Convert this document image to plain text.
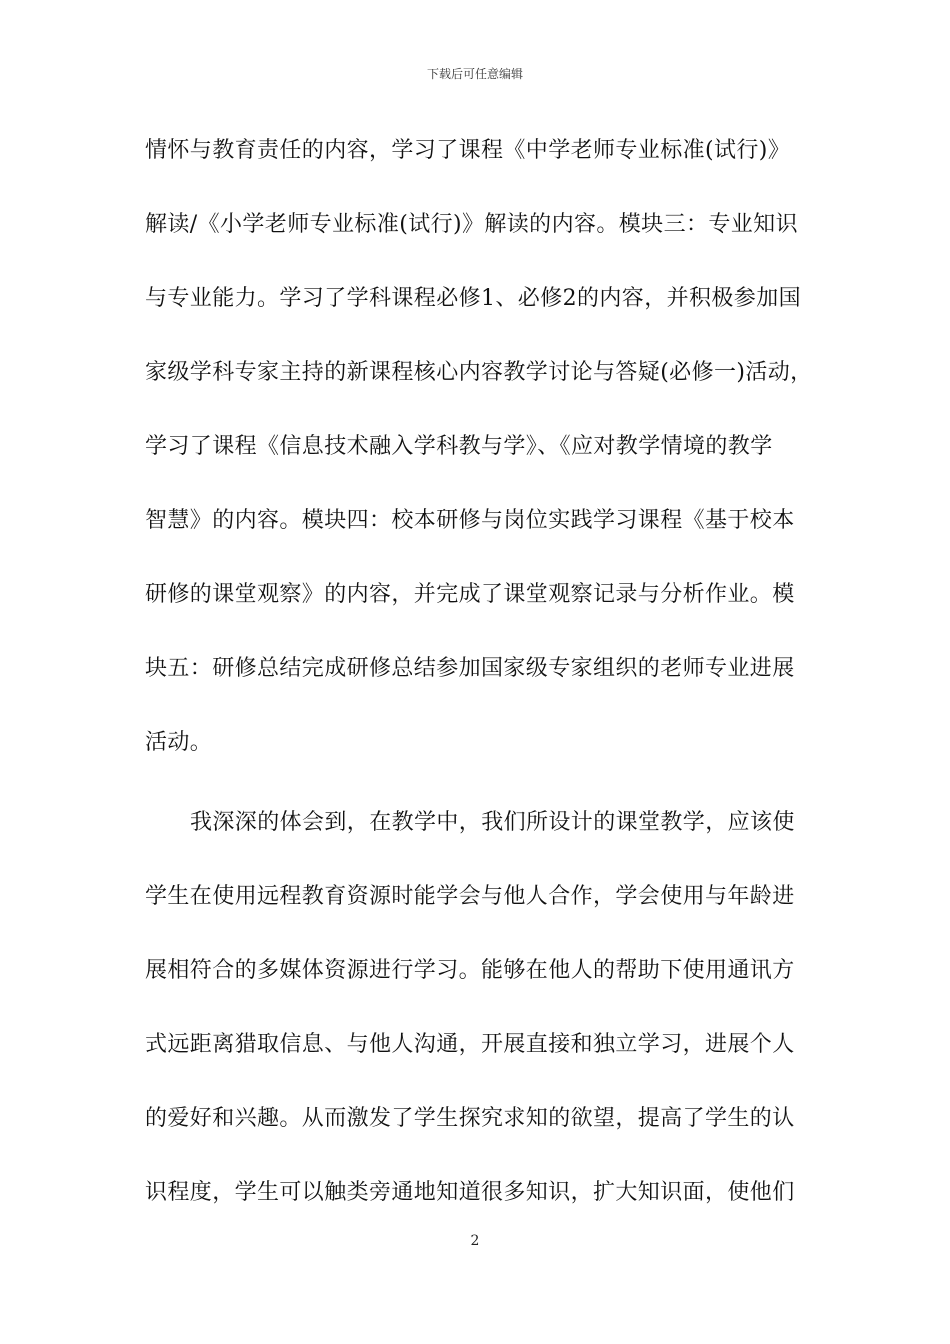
下载后可任意编辑
情怀与教育责任的内容，学习了课程《中学老师专业标准(试行)》
解读/《小学老师专业标准(试行)》解读的内容。模块三：专业知识
与专业能力。学习了学科课程必修1、必修2的内容，并积极参加国
家级学科专家主持的新课程核心内容教学讨论与答疑(必修一)活动，
学习了课程《信息技术融入学科教与学》、《应对教学情境的教学
智慧》的内容。模块四：校本研修与岗位实践学习课程《基于校本
研修的课堂观察》的内容，并完成了课堂观察记录与分析作业。模
块五：研修总结完成研修总结参加国家级专家组织的老师专业进展
活动。
我深深的体会到，在教学中，我们所设计的课堂教学，应该使
学生在使用远程教育资源时能学会与他人合作，学会使用与年龄进
展相符合的多媒体资源进行学习。能够在他人的帮助下使用通讯方
式远距离猎取信息、与他人沟通，开展直接和独立学习，进展个人
的爱好和兴趣。从而激发了学生探究求知的欲望，提高了学生的认
识程度，学生可以触类旁通地知道很多知识，扩大知识面，使他们
2
